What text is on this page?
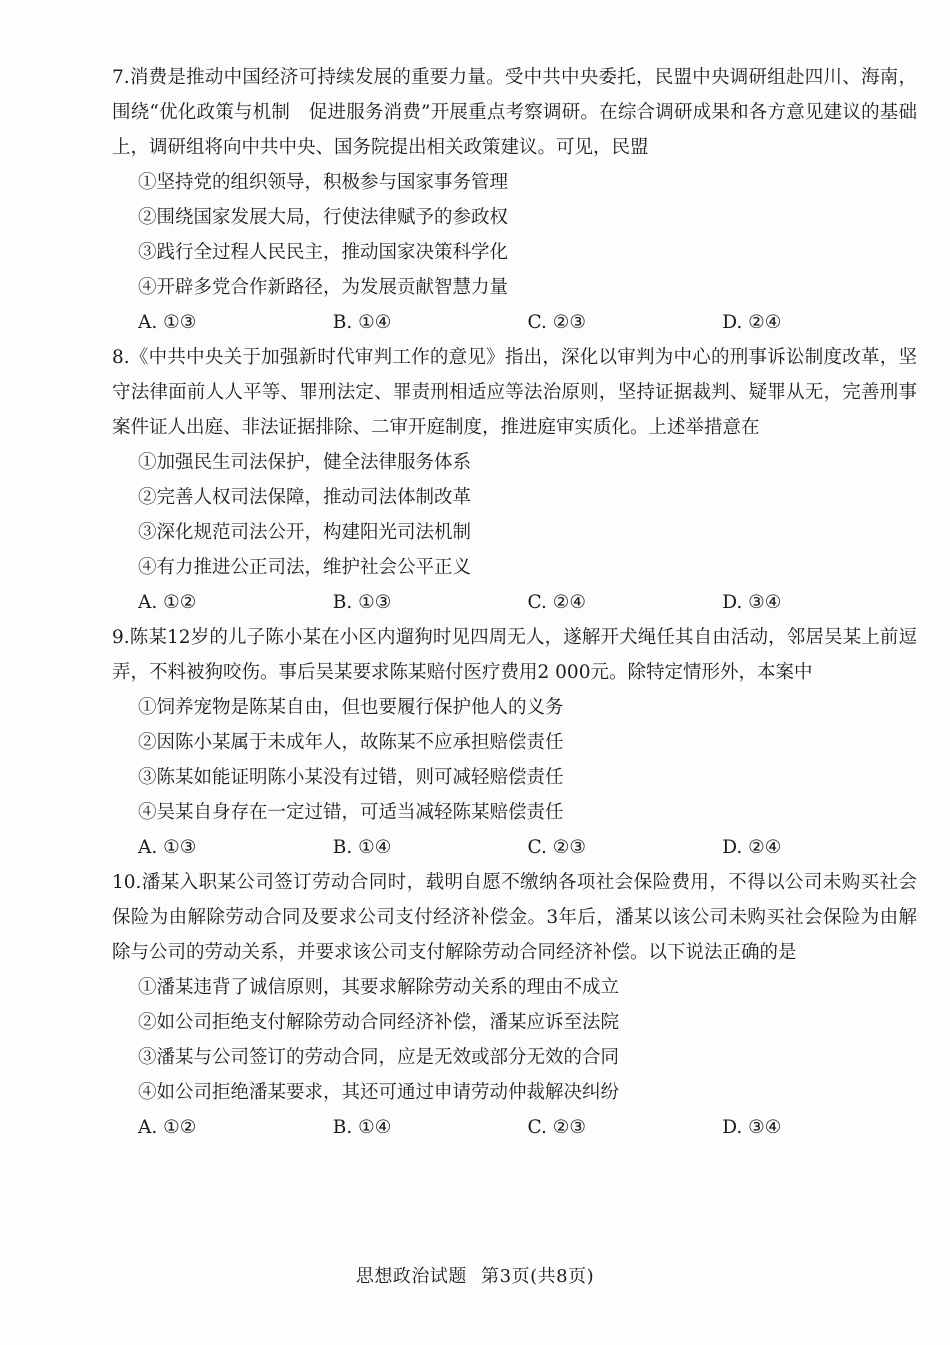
7.消费是推动中国经济可持续发展的重要力量。受中共中央委托，民盟中央调研组赴四川、海南，围绕“优化政策与机制　促进服务消费”开展重点考察调研。在综合调研成果和各方意见建议的基础上，调研组将向中共中央、国务院提出相关政策建议。可见，民盟

①坚持党的组织领导，积极参与国家事务管理

②围绕国家发展大局，行使法律赋予的参政权

③践行全过程人民民主，推动国家决策科学化

④开辟多党合作新路径，为发展贡献智慧力量

A. ①③	B. ①④	C. ②③	D. ②④

8.《中共中央关于加强新时代审判工作的意见》指出，深化以审判为中心的刑事诉讼制度改革，坚守法律面前人人平等、罪刑法定、罪责刑相适应等法治原则，坚持证据裁判、疑罪从无，完善刑事案件证人出庭、非法证据排除、二审开庭制度，推进庭审实质化。上述举措意在

①加强民生司法保护，健全法律服务体系

②完善人权司法保障，推动司法体制改革

③深化规范司法公开，构建阳光司法机制

④有力推进公正司法，维护社会公平正义

A. ①②	B. ①③	C. ②④	D. ③④

9.陈某12岁的儿子陈小某在小区内遛狗时见四周无人，遂解开犬绳任其自由活动，邻居吴某上前逗弄，不料被狗咬伤。事后吴某要求陈某赔付医疗费用2 000元。除特定情形外，本案中

①饲养宠物是陈某自由，但也要履行保护他人的义务

②因陈小某属于未成年人，故陈某不应承担赔偿责任

③陈某如能证明陈小某没有过错，则可减轻赔偿责任

④吴某自身存在一定过错，可适当减轻陈某赔偿责任

A. ①③	B. ①④	C. ②③	D. ②④

10.潘某入职某公司签订劳动合同时，载明自愿不缴纳各项社会保险费用，不得以公司未购买社会保险为由解除劳动合同及要求公司支付经济补偿金。3年后，潘某以该公司未购买社会保险为由解除与公司的劳动关系，并要求该公司支付解除劳动合同经济补偿。以下说法正确的是

①潘某违背了诚信原则，其要求解除劳动关系的理由不成立

②如公司拒绝支付解除劳动合同经济补偿，潘某应诉至法院

③潘某与公司签订的劳动合同，应是无效或部分无效的合同

④如公司拒绝潘某要求，其还可通过申请劳动仲裁解决纠纷

A. ①②	B. ①④	C. ②③	D. ③④
思想政治试题 第3页(共8页)
